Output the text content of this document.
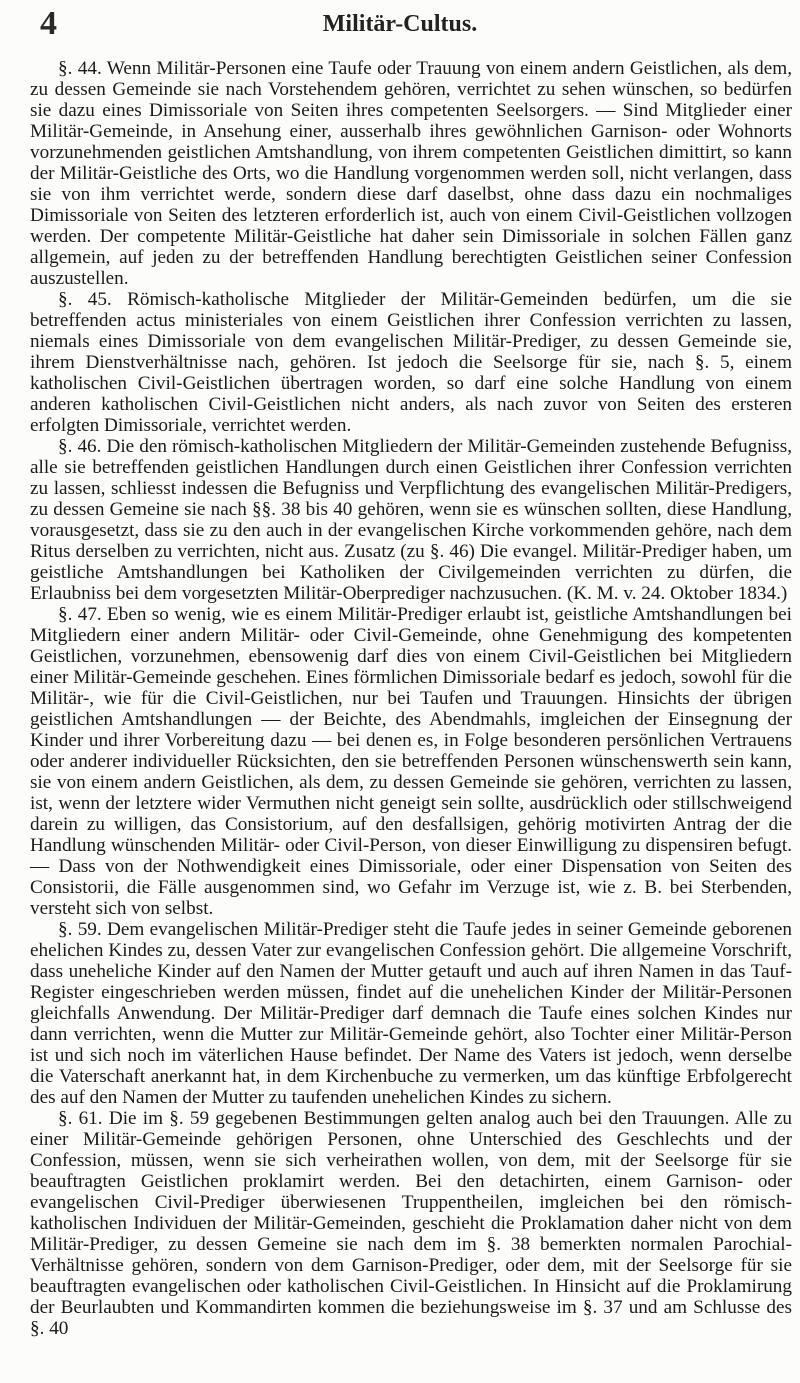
4	Militär-Cultus.

§. 44. Wenn Militär-Personen eine Taufe oder Trauung von einem andern Geistlichen, als dem, zu dessen Gemeinde sie nach Vorstehendem gehören, verrichtet zu sehen wünschen, so bedürfen sie dazu eines Dimissoriale von Seiten ihres competenten Seelsorgers. — Sind Mitglieder einer Militär-Gemeinde, in Ansehung einer, ausserhalb ihres gewöhnlichen Garnison- oder Wohnorts vorzunehmenden geistlichen Amtshandlung, von ihrem competenten Geistlichen dimittirt, so kann der Militär-Geistliche des Orts, wo die Handlung vorgenommen werden soll, nicht verlangen, dass sie von ihm verrichtet werde, sondern diese darf daselbst, ohne dass dazu ein nochmaliges Dimissoriale von Seiten des letzteren erforderlich ist, auch von einem Civil-Geistlichen vollzogen werden. Der competente Militär-Geistliche hat daher sein Dimissoriale in solchen Fällen ganz allgemein, auf jeden zu der betreffenden Handlung berechtigten Geistlichen seiner Confession auszustellen.

§. 45. Römisch-katholische Mitglieder der Militär-Gemeinden bedürfen, um die sie betreffenden actus ministeriales von einem Geistlichen ihrer Confession verrichten zu lassen, niemals eines Dimissoriale von dem evangelischen Militär-Prediger, zu dessen Gemeinde sie, ihrem Dienstverhältnisse nach, gehören. Ist jedoch die Seelsorge für sie, nach §. 5, einem katholischen Civil-Geistlichen übertragen worden, so darf eine solche Handlung von einem anderen katholischen Civil-Geistlichen nicht anders, als nach zuvor von Seiten des ersteren erfolgten Dimissoriale, verrichtet werden.

§. 46. Die den römisch-katholischen Mitgliedern der Militär-Gemeinden zustehende Befugniss, alle sie betreffenden geistlichen Handlungen durch einen Geistlichen ihrer Confession verrichten zu lassen, schliesst indessen die Befugniss und Verpflichtung des evangelischen Militär-Predigers, zu dessen Gemeine sie nach §§. 38 bis 40 gehören, wenn sie es wünschen sollten, diese Handlung, vorausgesetzt, dass sie zu den auch in der evangelischen Kirche vorkommenden gehöre, nach dem Ritus derselben zu verrichten, nicht aus. Zusatz (zu §. 46) Die evangel. Militär-Prediger haben, um geistliche Amtshandlungen bei Katholiken der Civilgemeinden verrichten zu dürfen, die Erlaubniss bei dem vorgesetzten Militär-Oberprediger nachzusuchen. (K. M. v. 24. Oktober 1834.)

§. 47. Eben so wenig, wie es einem Militär-Prediger erlaubt ist, geistliche Amtshandlungen bei Mitgliedern einer andern Militär- oder Civil-Gemeinde, ohne Genehmigung des kompetenten Geistlichen, vorzunehmen, ebensowenig darf dies von einem Civil-Geistlichen bei Mitgliedern einer Militär-Gemeinde geschehen. Eines förmlichen Dimissoriale bedarf es jedoch, sowohl für die Militär-, wie für die Civil-Geistlichen, nur bei Taufen und Trauungen. Hinsichts der übrigen geistlichen Amtshandlungen — der Beichte, des Abendmahls, imgleichen der Einsegnung der Kinder und ihrer Vorbereitung dazu — bei denen es, in Folge besonderen persönlichen Vertrauens oder anderer individueller Rücksichten, den sie betreffenden Personen wünschenswerth sein kann, sie von einem andern Geistlichen, als dem, zu dessen Gemeinde sie gehören, verrichten zu lassen, ist, wenn der letztere wider Vermuthen nicht geneigt sein sollte, ausdrücklich oder stillschweigend darein zu willigen, das Consistorium, auf den desfallsigen, gehörig motivirten Antrag der die Handlung wünschenden Militär- oder Civil-Person, von dieser Einwilligung zu dispensiren befugt. — Dass von der Nothwendigkeit eines Dimissoriale, oder einer Dispensation von Seiten des Consistorii, die Fälle ausgenommen sind, wo Gefahr im Verzuge ist, wie z. B. bei Sterbenden, versteht sich von selbst.

§. 59. Dem evangelischen Militär-Prediger steht die Taufe jedes in seiner Gemeinde geborenen ehelichen Kindes zu, dessen Vater zur evangelischen Confession gehört. Die allgemeine Vorschrift, dass uneheliche Kinder auf den Namen der Mutter getauft und auch auf ihren Namen in das Tauf-Register eingeschrieben werden müssen, findet auf die unehelichen Kinder der Militär-Personen gleichfalls Anwendung. Der Militär-Prediger darf demnach die Taufe eines solchen Kindes nur dann verrichten, wenn die Mutter zur Militär-Gemeinde gehört, also Tochter einer Militär-Person ist und sich noch im väterlichen Hause befindet. Der Name des Vaters ist jedoch, wenn derselbe die Vaterschaft anerkannt hat, in dem Kirchenbuche zu vermerken, um das künftige Erbfolgerecht des auf den Namen der Mutter zu taufenden unehelichen Kindes zu sichern.

§. 61. Die im §. 59 gegebenen Bestimmungen gelten analog auch bei den Trauungen. Alle zu einer Militär-Gemeinde gehörigen Personen, ohne Unterschied des Geschlechts und der Confession, müssen, wenn sie sich verheirathen wollen, von dem, mit der Seelsorge für sie beauftragten Geistlichen proklamirt werden. Bei den detachirten, einem Garnison- oder evangelischen Civil-Prediger überwiesenen Truppentheilen, imgleichen bei den römisch-katholischen Individuen der Militär-Gemeinden, geschieht die Proklamation daher nicht von dem Militär-Prediger, zu dessen Gemeine sie nach dem im §. 38 bemerkten normalen Parochial-Verhältnisse gehören, sondern von dem Garnison-Prediger, oder dem, mit der Seelsorge für sie beauftragten evangelischen oder katholischen Civil-Geistlichen. In Hinsicht auf die Proklamirung der Beurlaubten und Kommandirten kommen die beziehungsweise im §. 37 und am Schlusse des §. 40
